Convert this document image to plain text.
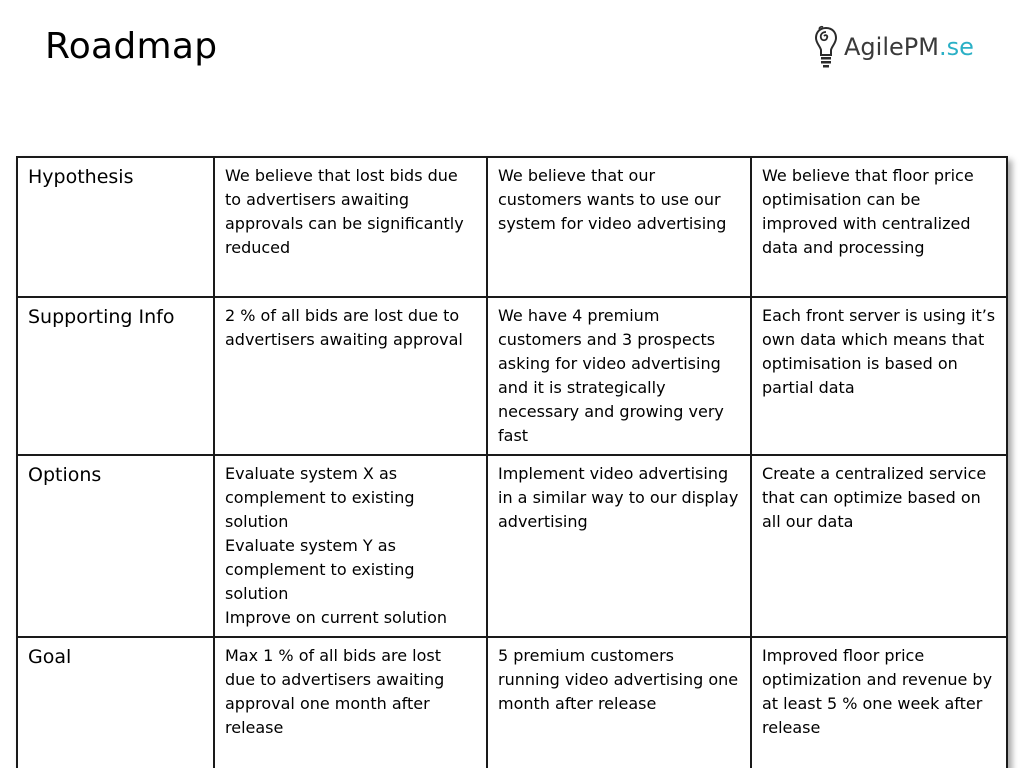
Roadmap	AgilePM.se
Hypothesis	We believe that lost bids due to advertisers awaiting approvals can be significantly reduced	We believe that our customers wants to use our system for video advertising	We believe that floor price optimisation can be improved with centralized data and processing

Supporting Info	2 % of all bids are lost due to advertisers awaiting approval	We have 4 premium customers and 3 prospects asking for video advertising and it is strategically necessary and growing very fast	Each front server is using it’s own data which means that optimisation is based on partial data

Options	Evaluate system X as complement to existing solution
Evaluate system Y as complement to existing solution
Improve on current solution	Implement video advertising in a similar way to our display advertising	Create a centralized service that can optimize based on all our data

Goal	Max 1 % of all bids are lost due to advertisers awaiting approval one month after release	5 premium customers running video advertising one month after release	Improved floor price optimization and revenue by at least 5 % one week after release
